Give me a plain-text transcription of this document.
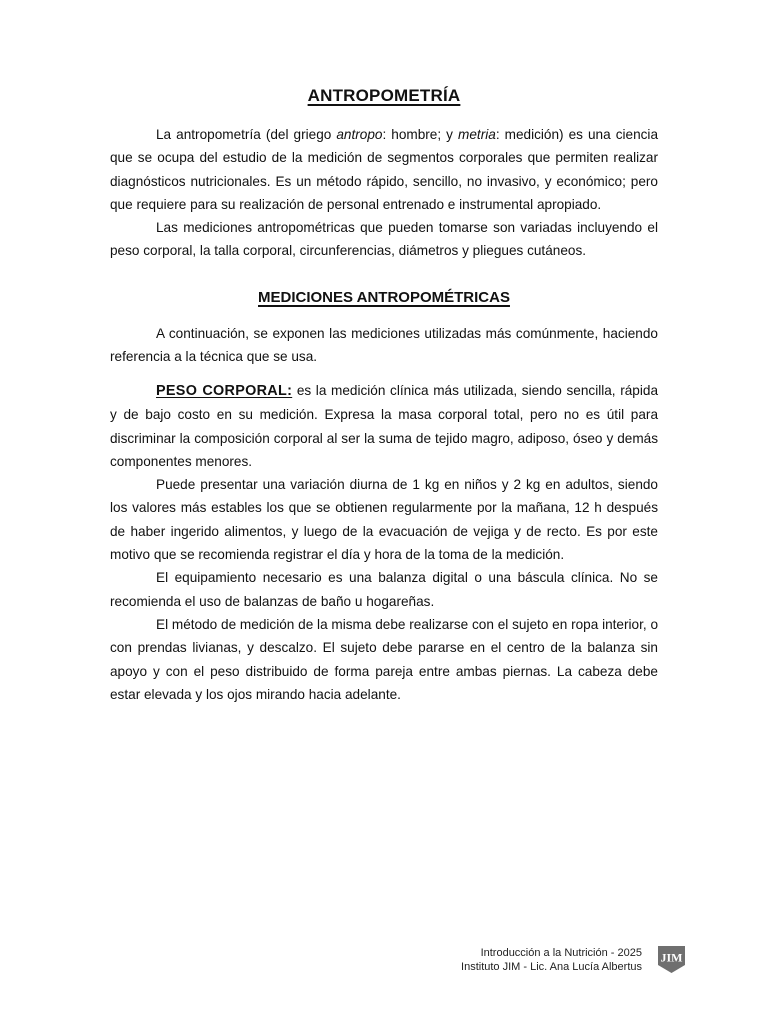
ANTROPOMETRÍA

La antropometría (del griego antropo: hombre; y metria: medición) es una ciencia que se ocupa del estudio de la medición de segmentos corporales que permiten realizar diagnósticos nutricionales. Es un método rápido, sencillo, no invasivo, y económico; pero que requiere para su realización de personal entrenado e instrumental apropiado.

Las mediciones antropométricas que pueden tomarse son variadas incluyendo el peso corporal, la talla corporal, circunferencias, diámetros y pliegues cutáneos.

MEDICIONES ANTROPOMÉTRICAS

A continuación, se exponen las mediciones utilizadas más comúnmente, haciendo referencia a la técnica que se usa.

PESO CORPORAL: es la medición clínica más utilizada, siendo sencilla, rápida y de bajo costo en su medición. Expresa la masa corporal total, pero no es útil para discriminar la composición corporal al ser la suma de tejido magro, adiposo, óseo y demás componentes menores.

Puede presentar una variación diurna de 1 kg en niños y 2 kg en adultos, siendo los valores más estables los que se obtienen regularmente por la mañana, 12 h después de haber ingerido alimentos, y luego de la evacuación de vejiga y de recto. Es por este motivo que se recomienda registrar el día y hora de la toma de la medición.

El equipamiento necesario es una balanza digital o una báscula clínica. No se recomienda el uso de balanzas de baño u hogareñas.

El método de medición de la misma debe realizarse con el sujeto en ropa interior, o con prendas livianas, y descalzo. El sujeto debe pararse en el centro de la balanza sin apoyo y con el peso distribuido de forma pareja entre ambas piernas. La cabeza debe estar elevada y los ojos mirando hacia adelante.

Introducción a la Nutrición - 2025
Instituto JIM - Lic. Ana Lucía Albertus
JIM
